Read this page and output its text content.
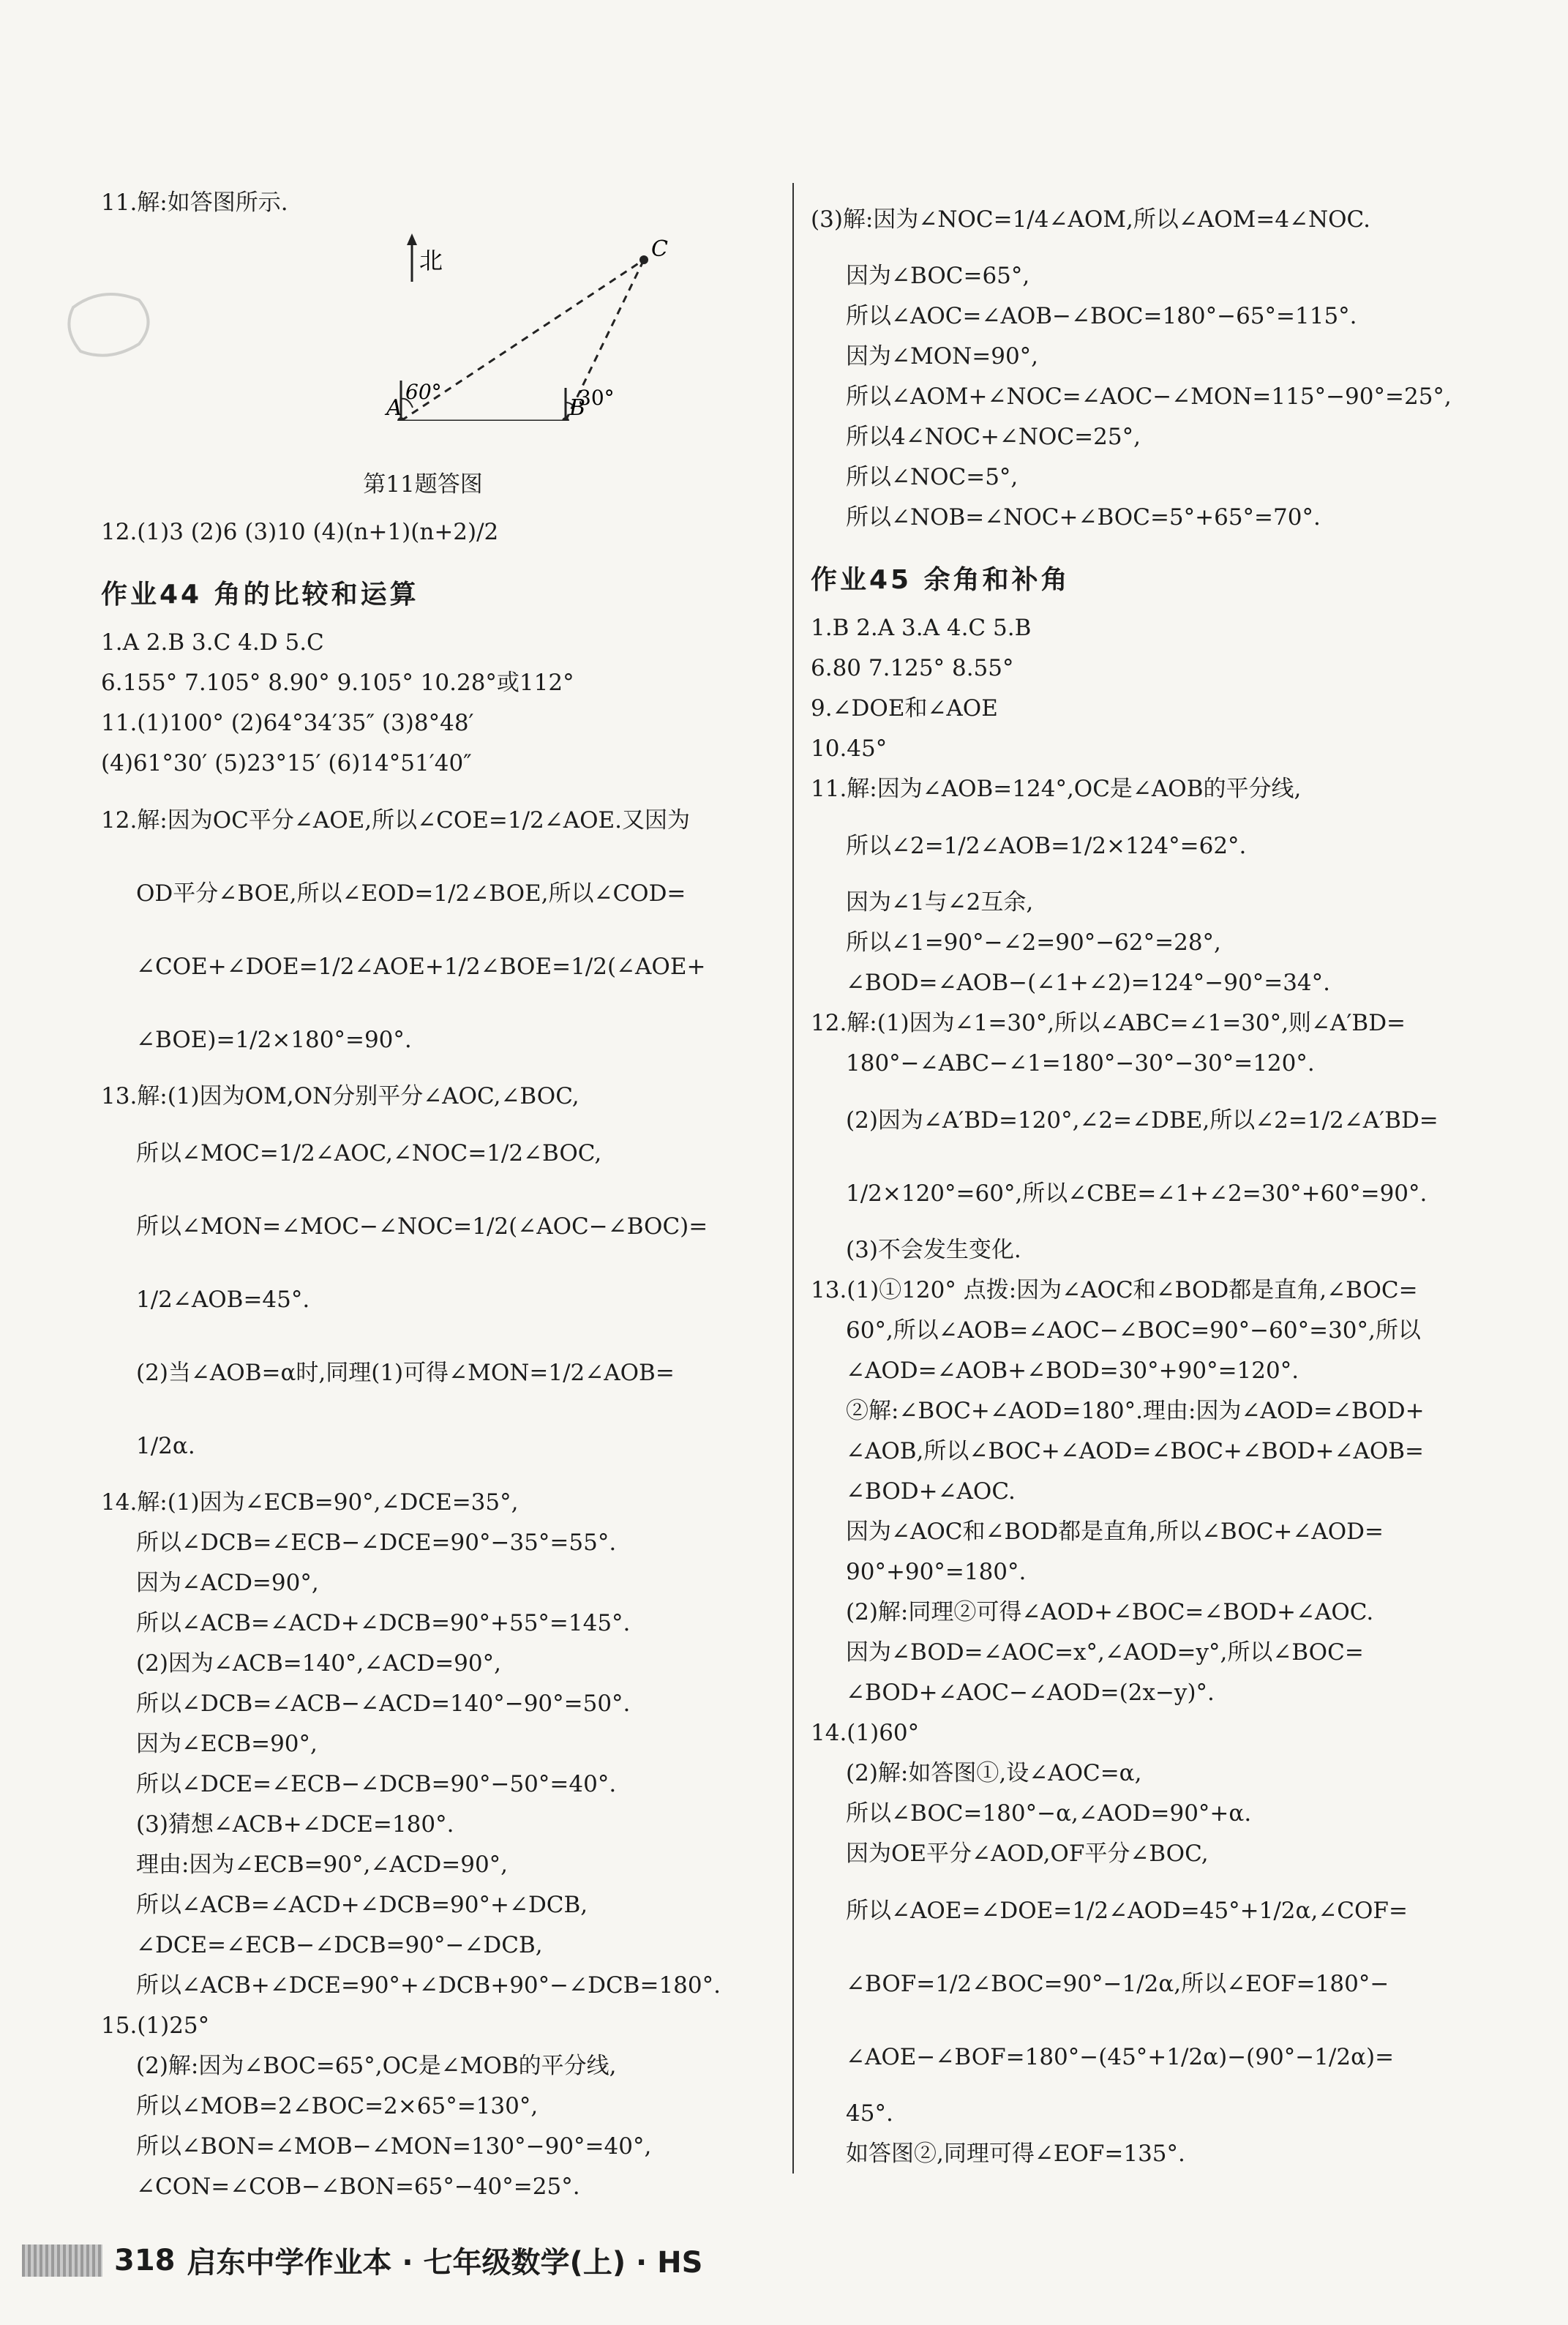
11.解:如答图所示.
北
60°	30°
A	B
C
第11题答图
12.(1)3 (2)6 (3)10 (4)(n+1)(n+2)/2
作业44 角的比较和运算
1.A 2.B 3.C 4.D 5.C
6.155° 7.105° 8.90° 9.105° 10.28°或112°
11.(1)100° (2)64°34′35″ (3)8°48′
(4)61°30′ (5)23°15′ (6)14°51′40″
12.解:因为OC平分∠AOE,所以∠COE=1/2∠AOE.又因为
OD平分∠BOE,所以∠EOD=1/2∠BOE,所以∠COD=
∠COE+∠DOE=1/2∠AOE+1/2∠BOE=1/2(∠AOE+
∠BOE)=1/2×180°=90°.
13.解:(1)因为OM,ON分别平分∠AOC,∠BOC,
所以∠MOC=1/2∠AOC,∠NOC=1/2∠BOC,
所以∠MON=∠MOC−∠NOC=1/2(∠AOC−∠BOC)=
1/2∠AOB=45°.
(2)当∠AOB=α时,同理(1)可得∠MON=1/2∠AOB=
1/2α.
14.解:(1)因为∠ECB=90°,∠DCE=35°,
所以∠DCB=∠ECB−∠DCE=90°−35°=55°.
因为∠ACD=90°,
所以∠ACB=∠ACD+∠DCB=90°+55°=145°.
(2)因为∠ACB=140°,∠ACD=90°,
所以∠DCB=∠ACB−∠ACD=140°−90°=50°.
因为∠ECB=90°,
所以∠DCE=∠ECB−∠DCB=90°−50°=40°.
(3)猜想∠ACB+∠DCE=180°.
理由:因为∠ECB=90°,∠ACD=90°,
所以∠ACB=∠ACD+∠DCB=90°+∠DCB,
∠DCE=∠ECB−∠DCB=90°−∠DCB,
所以∠ACB+∠DCE=90°+∠DCB+90°−∠DCB=180°.
15.(1)25°
(2)解:因为∠BOC=65°,OC是∠MOB的平分线,
所以∠MOB=2∠BOC=2×65°=130°,
所以∠BON=∠MOB−∠MON=130°−90°=40°,
∠CON=∠COB−∠BON=65°−40°=25°.
(3)解:因为∠NOC=1/4∠AOM,所以∠AOM=4∠NOC.
因为∠BOC=65°,
所以∠AOC=∠AOB−∠BOC=180°−65°=115°.
因为∠MON=90°,
所以∠AOM+∠NOC=∠AOC−∠MON=115°−90°=25°,
所以4∠NOC+∠NOC=25°,
所以∠NOC=5°,
所以∠NOB=∠NOC+∠BOC=5°+65°=70°.
作业45 余角和补角
1.B 2.A 3.A 4.C 5.B
6.80 7.125° 8.55°
9.∠DOE和∠AOE
10.45°
11.解:因为∠AOB=124°,OC是∠AOB的平分线,
所以∠2=1/2∠AOB=1/2×124°=62°.
因为∠1与∠2互余,
所以∠1=90°−∠2=90°−62°=28°,
∠BOD=∠AOB−(∠1+∠2)=124°−90°=34°.
12.解:(1)因为∠1=30°,所以∠ABC=∠1=30°,则∠A′BD=
180°−∠ABC−∠1=180°−30°−30°=120°.
(2)因为∠A′BD=120°,∠2=∠DBE,所以∠2=1/2∠A′BD=
1/2×120°=60°,所以∠CBE=∠1+∠2=30°+60°=90°.
(3)不会发生变化.
13.(1)①120° 点拨:因为∠AOC和∠BOD都是直角,∠BOC=
60°,所以∠AOB=∠AOC−∠BOC=90°−60°=30°,所以
∠AOD=∠AOB+∠BOD=30°+90°=120°.
②解:∠BOC+∠AOD=180°.理由:因为∠AOD=∠BOD+
∠AOB,所以∠BOC+∠AOD=∠BOC+∠BOD+∠AOB=
∠BOD+∠AOC.
因为∠AOC和∠BOD都是直角,所以∠BOC+∠AOD=
90°+90°=180°.
(2)解:同理②可得∠AOD+∠BOC=∠BOD+∠AOC.
因为∠BOD=∠AOC=x°,∠AOD=y°,所以∠BOC=
∠BOD+∠AOC−∠AOD=(2x−y)°.
14.(1)60°
(2)解:如答图①,设∠AOC=α,
所以∠BOC=180°−α,∠AOD=90°+α.
因为OE平分∠AOD,OF平分∠BOC,
所以∠AOE=∠DOE=1/2∠AOD=45°+1/2α,∠COF=
∠BOF=1/2∠BOC=90°−1/2α,所以∠EOF=180°−
∠AOE−∠BOF=180°−(45°+1/2α)−(90°−1/2α)=
45°.
如答图②,同理可得∠EOF=135°.
318 启东中学作业本 · 七年级数学(上) · HS
